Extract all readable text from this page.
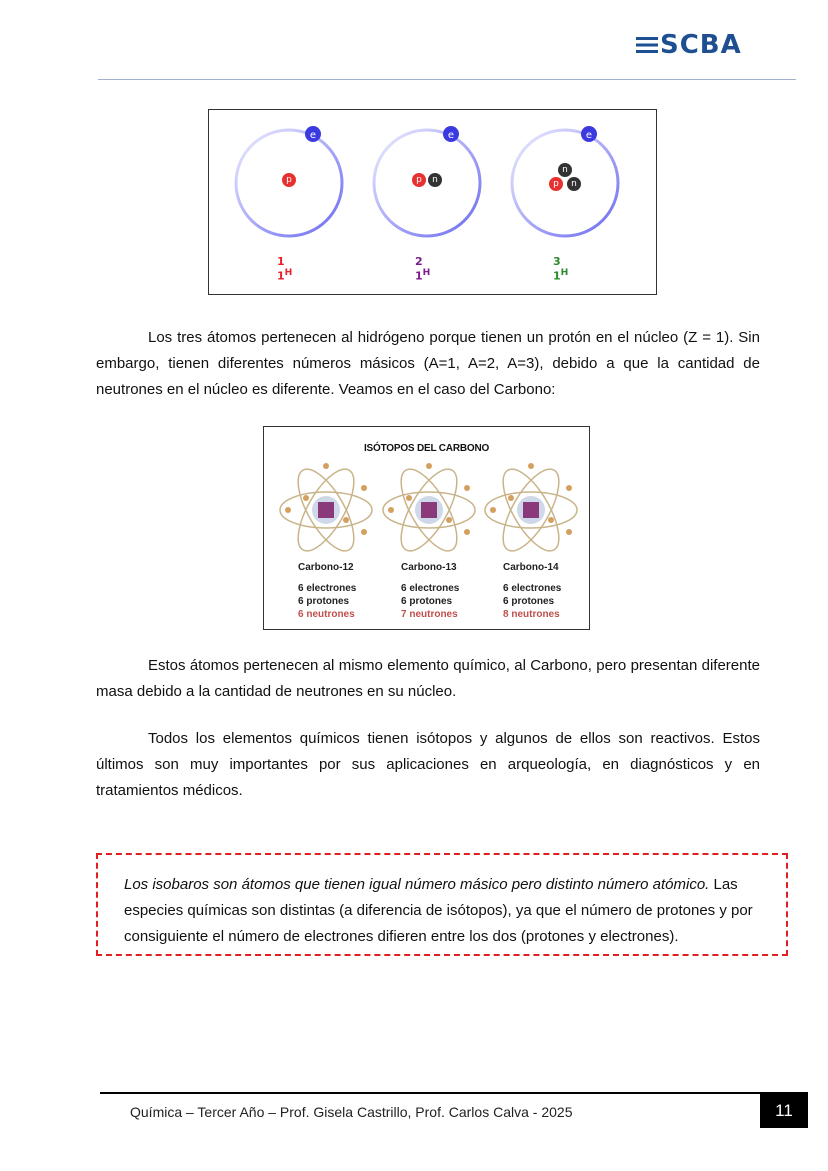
SCBA
e
p
1
$1^H$
e
p	n
2
$1^H$
e
p
n
n
3
$1^H$

Los tres átomos pertenecen al hidrógeno porque tienen un protón en el núcleo (Z = 1). Sin embargo, tienen diferentes números másicos (A=1, A=2, A=3), debido a que la cantidad de neutrones en el núcleo es diferente. Veamos en el caso del Carbono:

ISÓTOPOS DEL CARBONO
Carbono-12
6 electrones
6 protones
6 neutrones
Carbono-13
6 electrones
6 protones
7 neutrones
Carbono-14
6 electrones
6 protones
8 neutrones

Estos átomos pertenecen al mismo elemento químico, al Carbono, pero presentan diferente masa debido a la cantidad de neutrones en su núcleo.

Todos los elementos químicos tienen isótopos y algunos de ellos son reactivos. Estos últimos son muy importantes por sus aplicaciones en arqueología, en diagnósticos y en tratamientos médicos.

Los isobaros son átomos que tienen igual número másico pero distinto número atómico. Las especies químicas son distintas (a diferencia de isótopos), ya que el número de protones y por consiguiente el número de electrones difieren entre los dos (protones y electrones).
Química – Tercer Año – Prof. Gisela Castrillo, Prof. Carlos Calva - 2025	11
